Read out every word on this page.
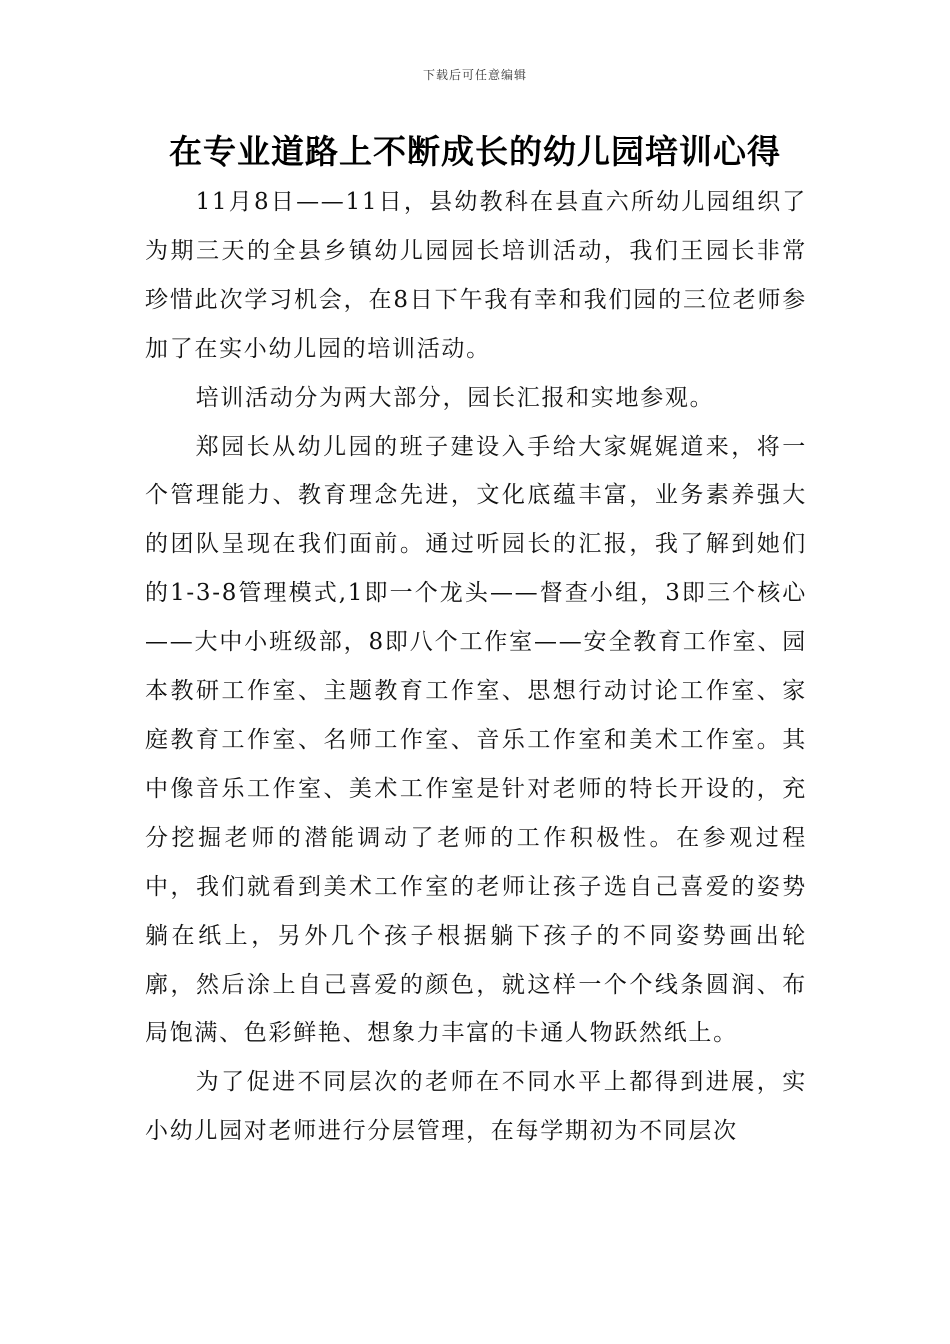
下载后可任意编辑
在专业道路上不断成长的幼儿园培训心得

11月8日——11日，县幼教科在县直六所幼儿园组织了为期三天的全县乡镇幼儿园园长培训活动，我们王园长非常珍惜此次学习机会，在8日下午我有幸和我们园的三位老师参加了在实小幼儿园的培训活动。

培训活动分为两大部分，园长汇报和实地参观。

郑园长从幼儿园的班子建设入手给大家娓娓道来，将一个管理能力、教育理念先进，文化底蕴丰富，业务素养强大的团队呈现在我们面前。通过听园长的汇报，我了解到她们的1-3-8管理模式,1即一个龙头——督查小组，3即三个核心——大中小班级部，8即八个工作室——安全教育工作室、园本教研工作室、主题教育工作室、思想行动讨论工作室、家庭教育工作室、名师工作室、音乐工作室和美术工作室。其中像音乐工作室、美术工作室是针对老师的特长开设的，充分挖掘老师的潜能调动了老师的工作积极性。在参观过程中，我们就看到美术工作室的老师让孩子选自己喜爱的姿势躺在纸上，另外几个孩子根据躺下孩子的不同姿势画出轮廓，然后涂上自己喜爱的颜色，就这样一个个线条圆润、布局饱满、色彩鲜艳、想象力丰富的卡通人物跃然纸上。

为了促进不同层次的老师在不同水平上都得到进展，实小幼儿园对老师进行分层管理，在每学期初为不同层次
